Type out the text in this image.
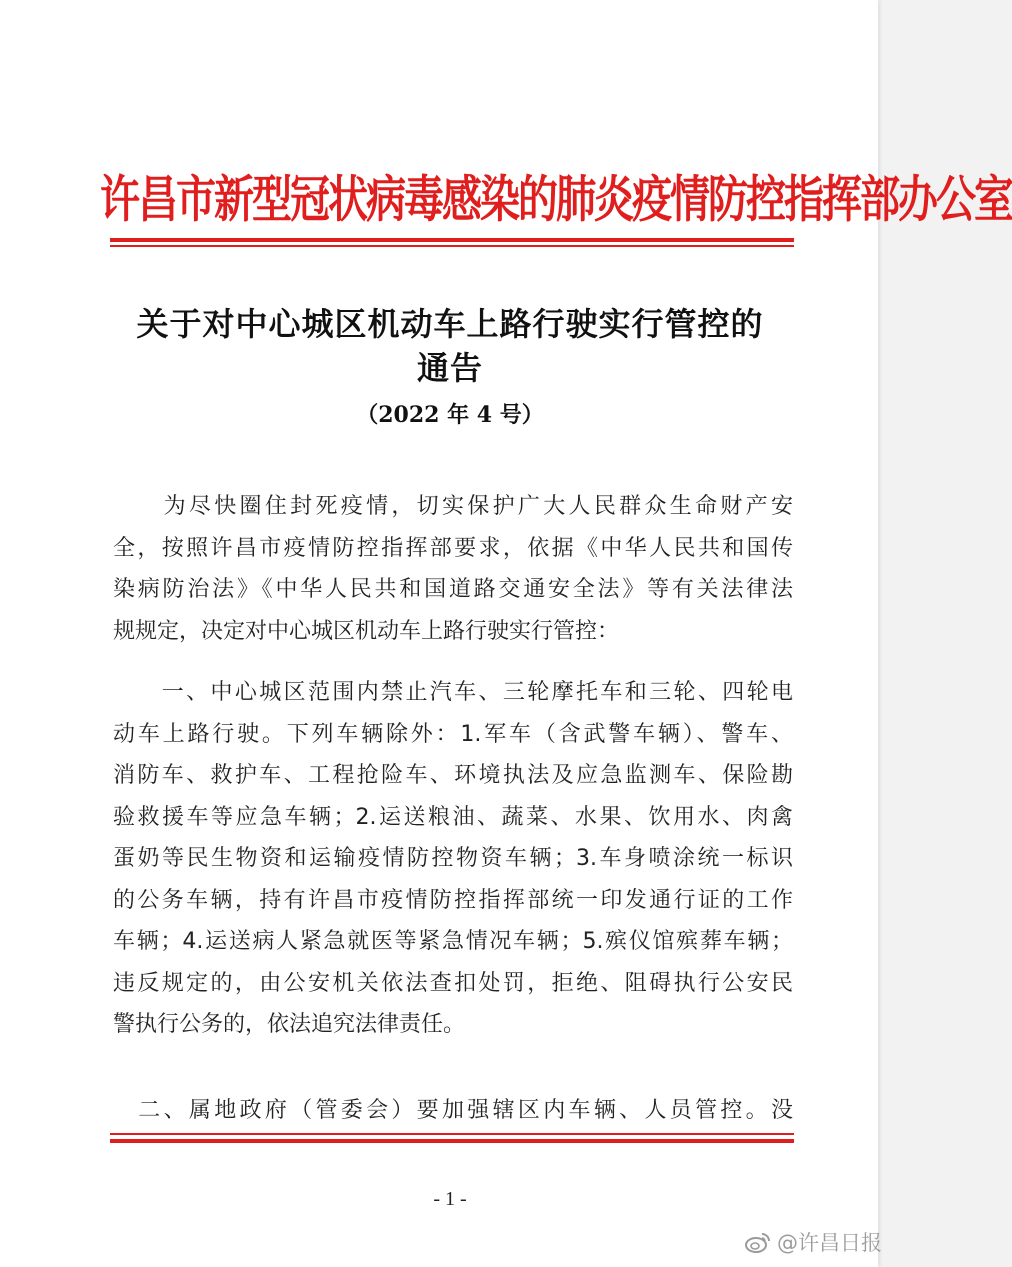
许昌市新型冠状病毒感染的肺炎疫情防控指挥部办公室
关于对中心城区机动车上路行驶实行管控的
通告
（2022 年 4 号）
　　为尽快圈住封死疫情，切实保护广大人民群众生命财产安
全，按照许昌市疫情防控指挥部要求，依据《中华人民共和国传
染病防治法》《中华人民共和国道路交通安全法》等有关法律法
规规定，决定对中心城区机动车上路行驶实行管控：
　　一、中心城区范围内禁止汽车、三轮摩托车和三轮、四轮电
动车上路行驶。下列车辆除外：1.军车（含武警车辆）、警车、
消防车、救护车、工程抢险车、环境执法及应急监测车、保险勘
验救援车等应急车辆；2.运送粮油、蔬菜、水果、饮用水、肉禽
蛋奶等民生物资和运输疫情防控物资车辆；3.车身喷涂统一标识
的公务车辆，持有许昌市疫情防控指挥部统一印发通行证的工作
车辆；4.运送病人紧急就医等紧急情况车辆；5.殡仪馆殡葬车辆；
违反规定的，由公安机关依法查扣处罚，拒绝、阻碍执行公安民
警执行公务的，依法追究法律责任。
　二、属地政府（管委会）要加强辖区内车辆、人员管控。没
- 1 -
@许昌日报
